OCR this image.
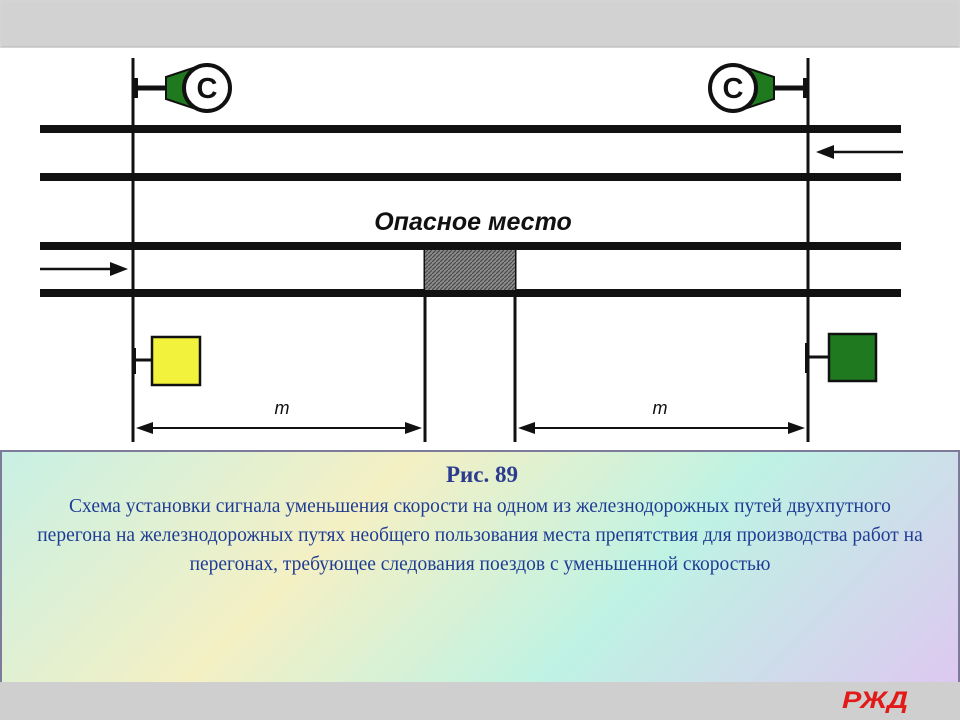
Опасное место
С	С
т	т
Рис. 89
Схема установки сигнала уменьшения скорости на одном из железнодорожных путей двухпутного перегона на железнодорожных путях необщего пользования места препятствия для производства работ на перегонах, требующее следования поездов с уменьшенной скоростью
РЖД
